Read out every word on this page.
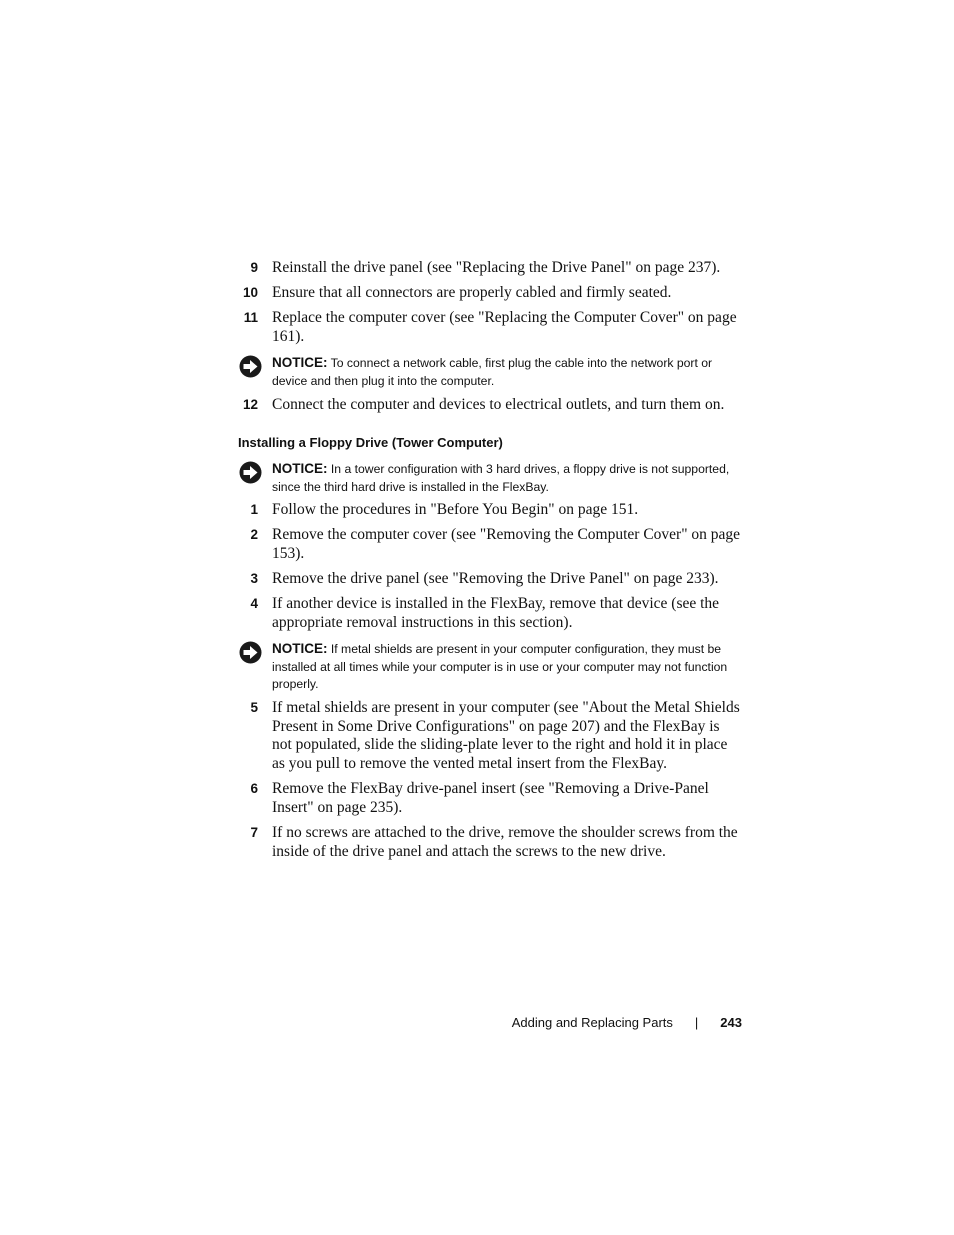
9 Reinstall the drive panel (see "Replacing the Drive Panel" on page 237).
10 Ensure that all connectors are properly cabled and firmly seated.
11 Replace the computer cover (see "Replacing the Computer Cover" on page 161).
NOTICE: To connect a network cable, first plug the cable into the network port or device and then plug it into the computer.
12 Connect the computer and devices to electrical outlets, and turn them on.
Installing a Floppy Drive (Tower Computer)
NOTICE: In a tower configuration with 3 hard drives, a floppy drive is not supported, since the third hard drive is installed in the FlexBay.
1 Follow the procedures in "Before You Begin" on page 151.
2 Remove the computer cover (see "Removing the Computer Cover" on page 153).
3 Remove the drive panel (see "Removing the Drive Panel" on page 233).
4 If another device is installed in the FlexBay, remove that device (see the appropriate removal instructions in this section).
NOTICE: If metal shields are present in your computer configuration, they must be installed at all times while your computer is in use or your computer may not function properly.
5 If metal shields are present in your computer (see "About the Metal Shields Present in Some Drive Configurations" on page 207) and the FlexBay is not populated, slide the sliding-plate lever to the right and hold it in place as you pull to remove the vented metal insert from the FlexBay.
6 Remove the FlexBay drive-panel insert (see "Removing a Drive-Panel Insert" on page 235).
7 If no screws are attached to the drive, remove the shoulder screws from the inside of the drive panel and attach the screws to the new drive.
Adding and Replacing Parts | 243
